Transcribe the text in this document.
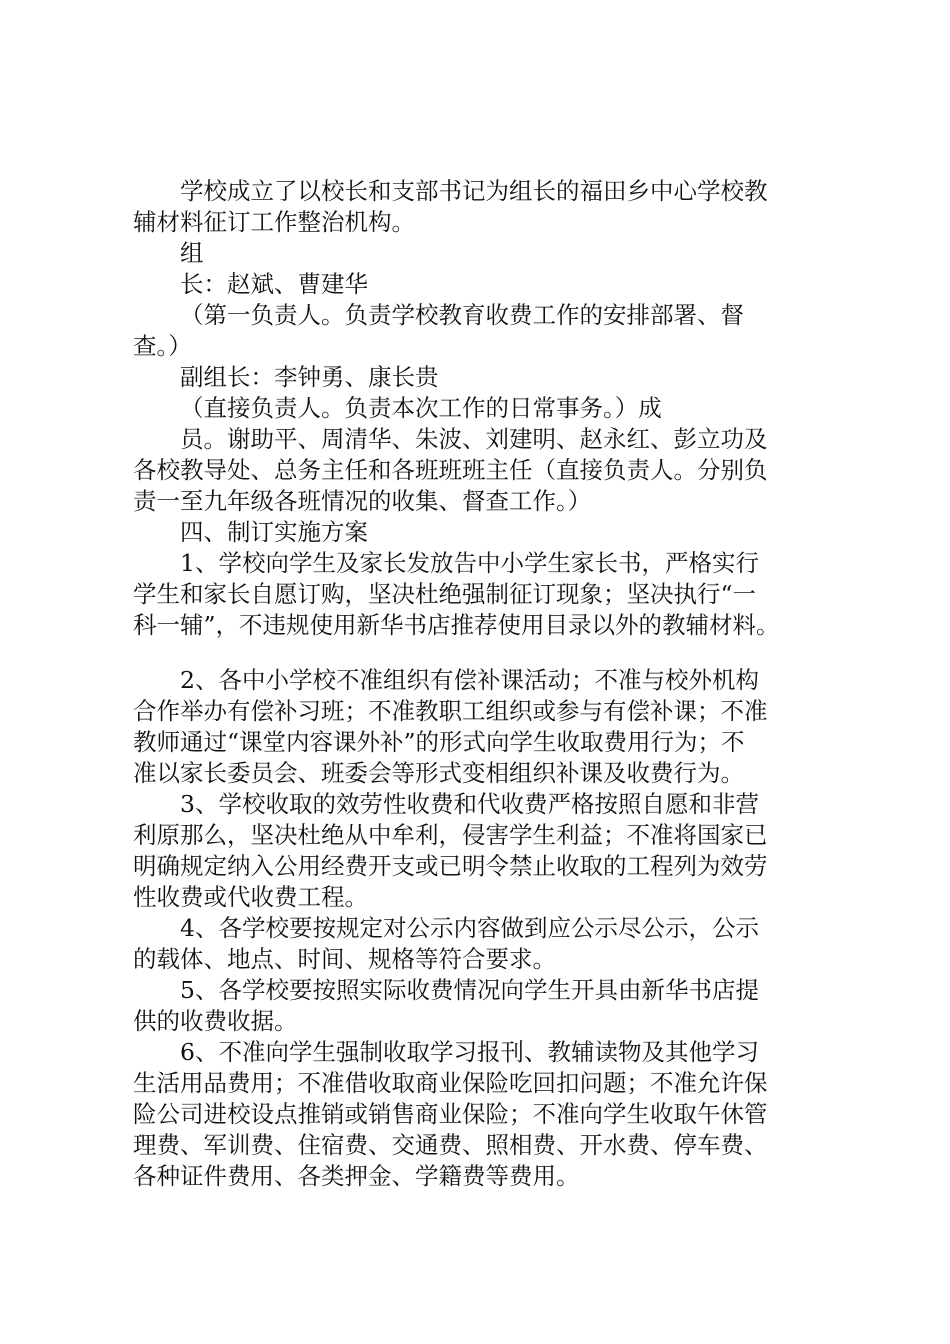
学校成立了以校长和支部书记为组长的福田乡中心学校教
辅材料征订工作整治机构。
组
长：赵斌、曹建华
（第一负责人。负责学校教育收费工作的安排部署、督
查。）
副组长：李钟勇、康长贵
（直接负责人。负责本次工作的日常事务。）成
员。谢助平、周清华、朱波、刘建明、赵永红、彭立功及
各校教导处、总务主任和各班班班主任（直接负责人。分别负
责一至九年级各班情况的收集、督查工作。）
四、制订实施方案
1、学校向学生及家长发放告中小学生家长书，严格实行
学生和家长自愿订购，坚决杜绝强制征订现象；坚决执行“一
科一辅”，不违规使用新华书店推荐使用目录以外的教辅材料。
2、各中小学校不准组织有偿补课活动；不准与校外机构
合作举办有偿补习班；不准教职工组织或参与有偿补课；不准
教师通过“课堂内容课外补”的形式向学生收取费用行为；不
准以家长委员会、班委会等形式变相组织补课及收费行为。
3、学校收取的效劳性收费和代收费严格按照自愿和非营
利原那么，坚决杜绝从中牟利，侵害学生利益；不准将国家已
明确规定纳入公用经费开支或已明令禁止收取的工程列为效劳
性收费或代收费工程。
4、各学校要按规定对公示内容做到应公示尽公示，公示
的载体、地点、时间、规格等符合要求。
5、各学校要按照实际收费情况向学生开具由新华书店提
供的收费收据。
6、不准向学生强制收取学习报刊、教辅读物及其他学习
生活用品费用；不准借收取商业保险吃回扣问题；不准允许保
险公司进校设点推销或销售商业保险；不准向学生收取午休管
理费、军训费、住宿费、交通费、照相费、开水费、停车费、
各种证件费用、各类押金、学籍费等费用。
